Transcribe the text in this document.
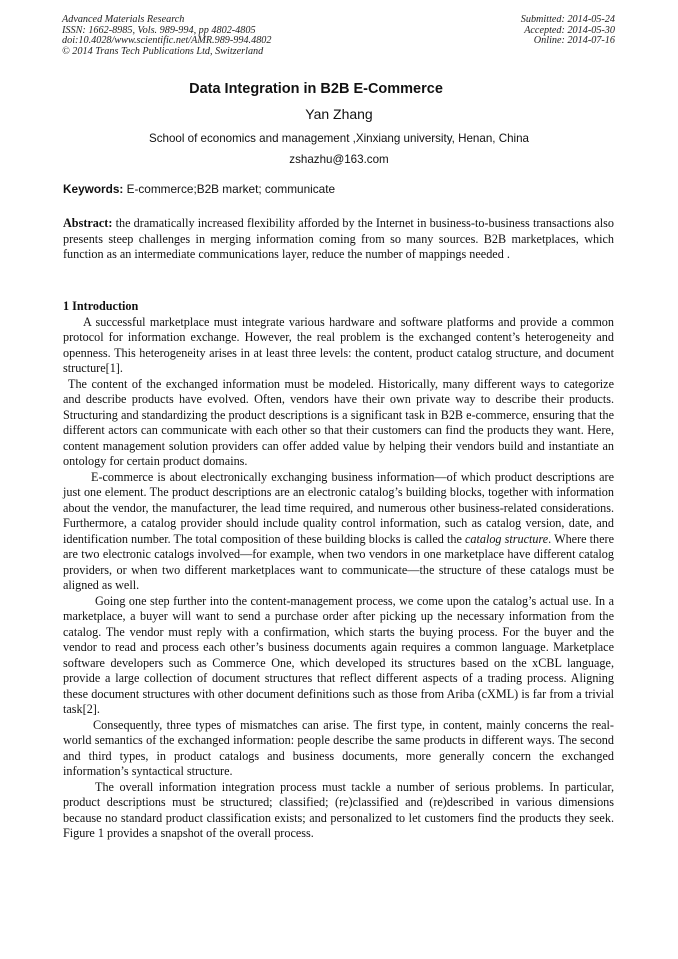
Advanced Materials Research
ISSN: 1662-8985, Vols. 989-994, pp 4802-4805
doi:10.4028/www.scientific.net/AMR.989-994.4802
© 2014 Trans Tech Publications Ltd, Switzerland
Submitted: 2014-05-24
Accepted: 2014-05-30
Online: 2014-07-16
Data Integration in B2B E-Commerce
Yan Zhang
School of economics and management ,Xinxiang university, Henan, China
zshazhu@163.com
Keywords: E-commerce;B2B market; communicate
Abstract: the dramatically increased flexibility afforded by the Internet in business-to-business transactions also presents steep challenges in merging information coming from so many sources. B2B marketplaces, which function as an intermediate communications layer, reduce the number of mappings needed .

1 Introduction

A successful marketplace must integrate various hardware and software platforms and provide a common protocol for information exchange. However, the real problem is the exchanged content’s heterogeneity and openness. This heterogeneity arises in at least three levels: the content, product catalog structure, and document structure[1].

The content of the exchanged information must be modeled. Historically, many different ways to categorize and describe products have evolved. Often, vendors have their own private way to describe their products. Structuring and standardizing the product descriptions is a significant task in B2B e-commerce, ensuring that the different actors can communicate with each other so that their customers can find the products they want. Here, content management solution providers can offer added value by helping their vendors build and instantiate an ontology for certain product domains.

E-commerce is about electronically exchanging business information—of which product descriptions are just one element. The product descriptions are an electronic catalog’s building blocks, together with information about the vendor, the manufacturer, the lead time required, and numerous other business-related considerations. Furthermore, a catalog provider should include quality control information, such as catalog version, date, and identification number. The total composition of these building blocks is called the catalog structure. Where there are two electronic catalogs involved—for example, when two vendors in one marketplace have different catalog providers, or when two different marketplaces want to communicate—the structure of these catalogs must be aligned as well.

Going one step further into the content-management process, we come upon the catalog’s actual use. In a marketplace, a buyer will want to send a purchase order after picking up the necessary information from the catalog. The vendor must reply with a confirmation, which starts the buying process. For the buyer and the vendor to read and process each other’s business documents again requires a common language. Marketplace software developers such as Commerce One, which developed its structures based on the xCBL language, provide a large collection of document structures that reflect different aspects of a trading process. Aligning these document structures with other document definitions such as those from Ariba (cXML) is far from a trivial task[2].

Consequently, three types of mismatches can arise. The first type, in content, mainly concerns the real-world semantics of the exchanged information: people describe the same products in different ways. The second and third types, in product catalogs and business documents, more generally concern the exchanged information’s syntactical structure.

The overall information integration process must tackle a number of serious problems. In particular, product descriptions must be structured; classified; (re)classified and (re)described in various dimensions because no standard product classification exists; and personalized to let customers find the products they seek. Figure 1 provides a snapshot of the overall process.
